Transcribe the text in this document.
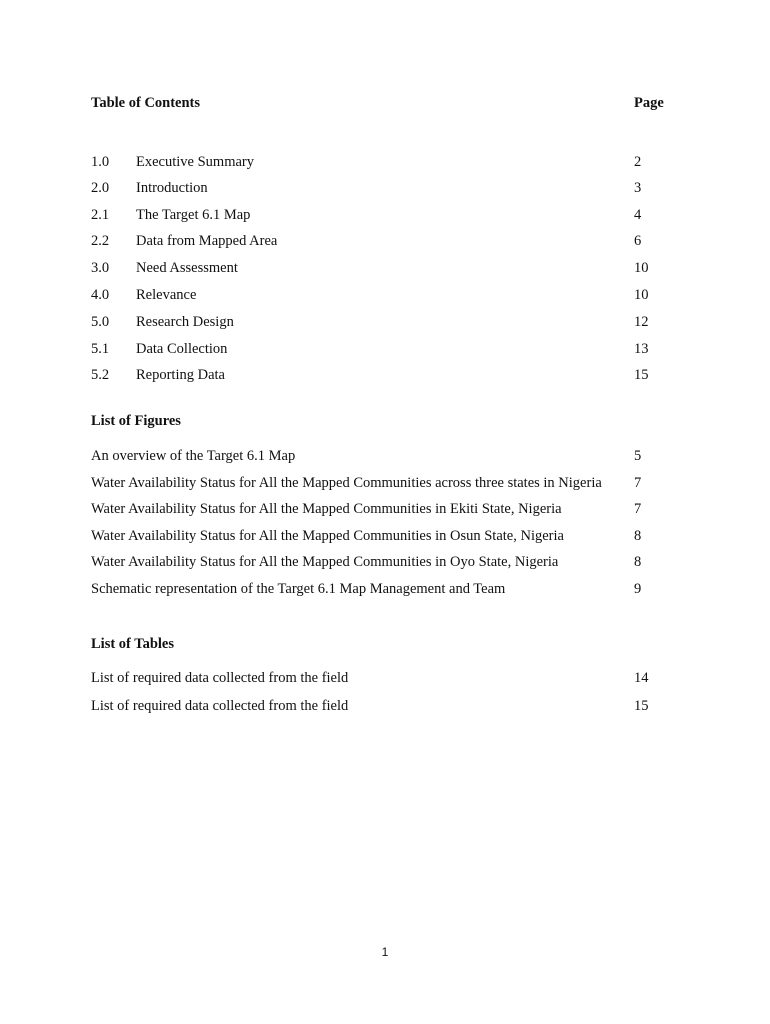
Table of Contents	Page
1.0 Executive Summary	2
2.0 Introduction	3
2.1 The Target 6.1 Map	4
2.2 Data from Mapped Area	6
3.0 Need Assessment	10
4.0 Relevance	10
5.0 Research Design	12
5.1 Data Collection	13
5.2 Reporting Data	15
List of Figures
An overview of the Target 6.1 Map	5
Water Availability Status for All the Mapped Communities across three states in Nigeria 7
Water Availability Status for All the Mapped Communities in Ekiti State, Nigeria	7
Water Availability Status for All the Mapped Communities in Osun State, Nigeria	8
Water Availability Status for All the Mapped Communities in Oyo State, Nigeria	8
Schematic representation of the Target 6.1 Map Management and Team	9
List of Tables
List of required data collected from the field	14
List of required data collected from the field	15
1
